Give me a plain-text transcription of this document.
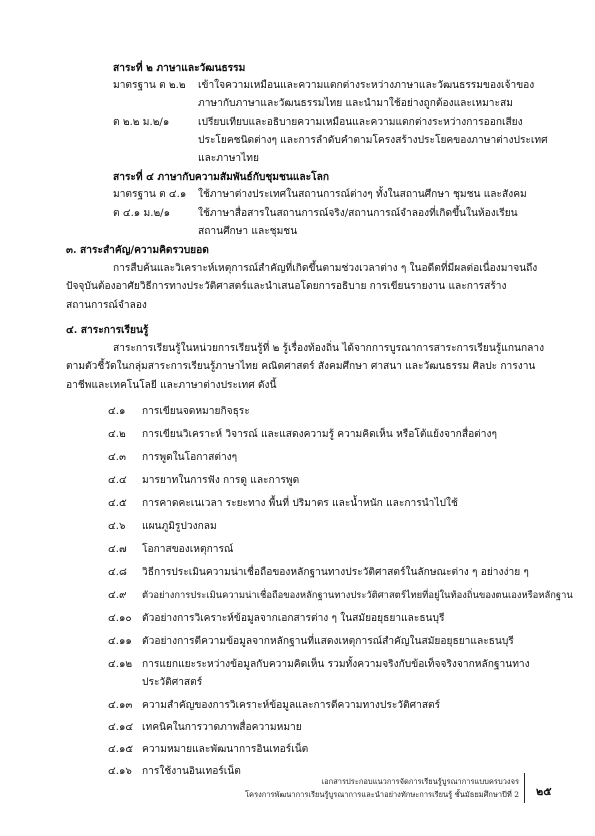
สาระที่ ๒ ภาษาและวัฒนธรรม
มาตรฐาน ต ๒.๒ เข้าใจความเหมือนและความแตกต่างระหว่างภาษาและวัฒนธรรมของเจ้าของ
ภาษากับภาษาและวัฒนธรรมไทย และนำมาใช้อย่างถูกต้องและเหมาะสม
ต ๒.๒ ม.๒/๑	เปรียบเทียบและอธิบายความเหมือนและความแตกต่างระหว่างการออกเสียง
ประโยคชนิดต่างๆ และการลำดับคำตามโครงสร้างประโยคของภาษาต่างประเทศ
และภาษาไทย
สาระที่ ๔ ภาษากับความสัมพันธ์กับชุมชนและโลก
มาตรฐาน ต ๔.๑ ใช้ภาษาต่างประเทศในสถานการณ์ต่างๆ ทั้งในสถานศึกษา ชุมชน และสังคม
ต ๔.๑ ม.๒/๑	ใช้ภาษาสื่อสารในสถานการณ์จริง/สถานการณ์จำลองที่เกิดขึ้นในห้องเรียน
สถานศึกษา และชุมชน
๓. สาระสำคัญ/ความคิดรวบยอด
การสืบค้นและวิเคราะห์เหตุการณ์สำคัญที่เกิดขึ้นตามช่วงเวลาต่าง ๆ ในอดีตที่มีผลต่อเนื่องมาจนถึง
ปัจจุบันต้องอาศัยวิธีการทางประวัติศาสตร์และนำเสนอโดยการอธิบาย การเขียนรายงาน และการสร้าง
สถานการณ์จำลอง
๔. สาระการเรียนรู้
สาระการเรียนรู้ในหน่วยการเรียนรู้ที่ ๒ รู้เรื่องท้องถิ่น ได้จากการบูรณาการสาระการเรียนรู้แกนกลาง
ตามตัวชี้วัดในกลุ่มสาระการเรียนรู้ภาษาไทย คณิตศาสตร์ สังคมศึกษา ศาสนา และวัฒนธรรม ศิลปะ การงาน
อาชีพและเทคโนโลยี และภาษาต่างประเทศ ดังนี้
๔.๑ การเขียนจดหมายกิจธุระ
๔.๒ การเขียนวิเคราะห์ วิจารณ์ และแสดงความรู้ ความคิดเห็น หรือโต้แย้งจากสื่อต่างๆ
๔.๓ การพูดในโอกาสต่างๆ
๔.๔ มารยาทในการฟัง การดู และการพูด
๔.๕ การคาดคะเนเวลา ระยะทาง พื้นที่ ปริมาตร และน้ำหนัก และการนำไปใช้
๔.๖ แผนภูมิรูปวงกลม
๔.๗ โอกาสของเหตุการณ์
๔.๘ วิธีการประเมินความน่าเชื่อถือของหลักฐานทางประวัติศาสตร์ในลักษณะต่าง ๆ อย่างง่าย ๆ
๔.๙ ตัวอย่างการประเมินความน่าเชื่อถือของหลักฐานทางประวัติศาสตร์ไทยที่อยู่ในท้องถิ่นของตนเองหรือหลักฐาน
๔.๑๐ ตัวอย่างการวิเคราะห์ข้อมูลจากเอกสารต่าง ๆ ในสมัยอยุธยาและธนบุรี
๔.๑๑ ตัวอย่างการตีความข้อมูลจากหลักฐานที่แสดงเหตุการณ์สำคัญในสมัยอยุธยาและธนบุรี
๔.๑๒ การแยกแยะระหว่างข้อมูลกับความคิดเห็น รวมทั้งความจริงกับข้อเท็จจริงจากหลักฐานทาง
ประวัติศาสตร์
๔.๑๓ ความสำคัญของการวิเคราะห์ข้อมูลและการตีความทางประวัติศาสตร์
๔.๑๔ เทคนิคในการวาดภาพสื่อความหมาย
๔.๑๕ ความหมายและพัฒนาการอินเทอร์เน็ต
๔.๑๖ การใช้งานอินเทอร์เน็ต
เอกสารประกอบแนวการจัดการเรียนรู้บูรณาการแบบครบวงจร
โครงการพัฒนาการเรียนรู้บูรณาการและนำอย่างทักษะการเรียนรู้ ชั้นมัธยมศึกษาปีที่ 2 ๒๕
